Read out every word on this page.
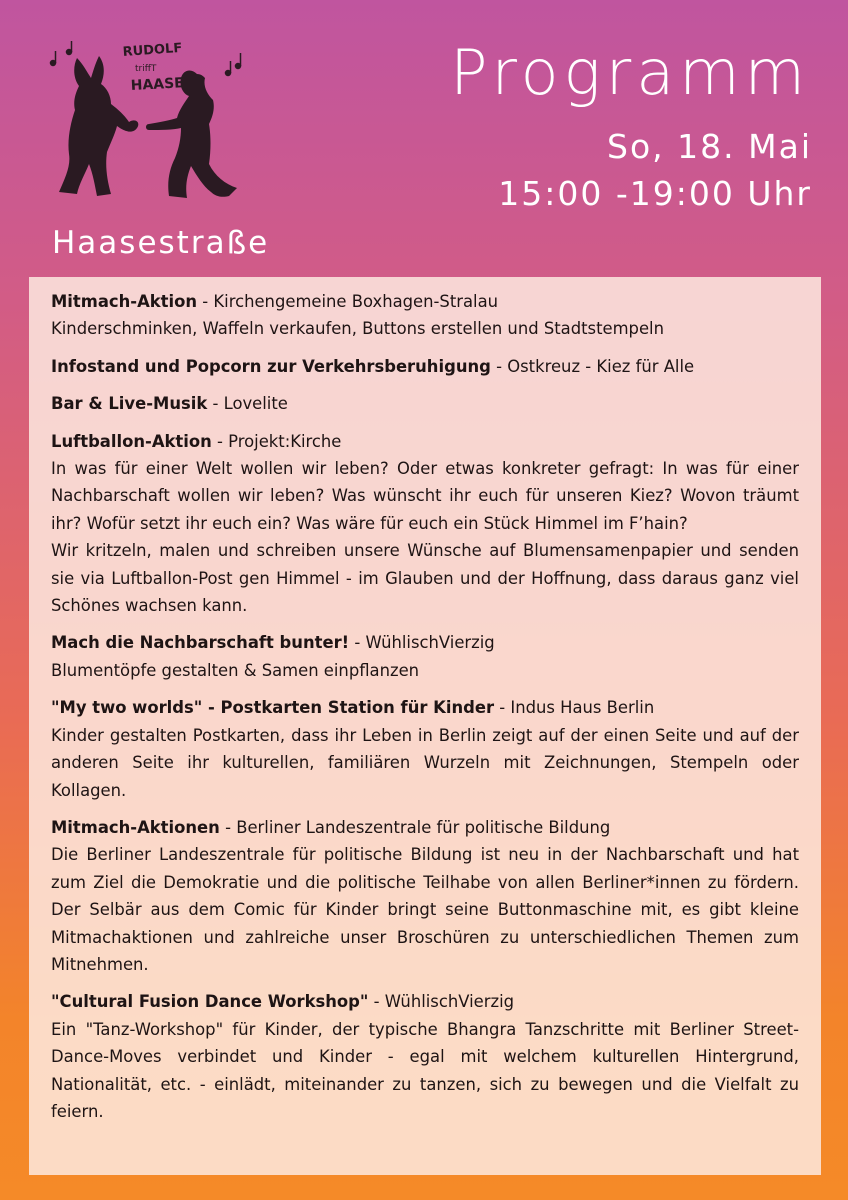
RUDOLF
triffT
HAASE	Programm
So, 18. Mai
15:00 -19:00 Uhr
Haasestraße

Mitmach-Aktion - Kirchengemeine Boxhagen-Stralau

Kinderschminken, Waffeln verkaufen, Buttons erstellen und Stadtstempeln

Infostand und Popcorn zur Verkehrsberuhigung - Ostkreuz - Kiez für Alle

Bar & Live-Musik - Lovelite

Luftballon-Aktion - Projekt:Kirche

In was für einer Welt wollen wir leben? Oder etwas konkreter gefragt: In was für einer Nachbarschaft wollen wir leben? Was wünscht ihr euch für unseren Kiez? Wovon träumt ihr? Wofür setzt ihr euch ein? Was wäre für euch ein Stück Himmel im F’hain?

Wir kritzeln, malen und schreiben unsere Wünsche auf Blumensamenpapier und senden sie via Luftballon-Post gen Himmel - im Glauben und der Hoffnung, dass daraus ganz viel Schönes wachsen kann.

Mach die Nachbarschaft bunter! - WühlischVierzig

Blumentöpfe gestalten & Samen einpflanzen

"My two worlds" - Postkarten Station für Kinder - Indus Haus Berlin

Kinder gestalten Postkarten, dass ihr Leben in Berlin zeigt auf der einen Seite und auf der anderen Seite ihr kulturellen, familiären Wurzeln mit Zeichnungen, Stempeln oder Kollagen.

Mitmach-Aktionen - Berliner Landeszentrale für politische Bildung

Die Berliner Landeszentrale für politische Bildung ist neu in der Nachbarschaft und hat zum Ziel die Demokratie und die politische Teilhabe von allen Berliner*innen zu fördern. Der Selbär aus dem Comic für Kinder bringt seine Buttonmaschine mit, es gibt kleine Mitmachaktionen und zahlreiche unser Broschüren zu unterschiedlichen Themen zum Mitnehmen.

"Cultural Fusion Dance Workshop" - WühlischVierzig

Ein "Tanz-Workshop" für Kinder, der typische Bhangra Tanzschritte mit Berliner Street-Dance-Moves verbindet und Kinder - egal mit welchem kulturellen Hintergrund, Nationalität, etc. - einlädt, miteinander zu tanzen, sich zu bewegen und die Vielfalt zu feiern.
